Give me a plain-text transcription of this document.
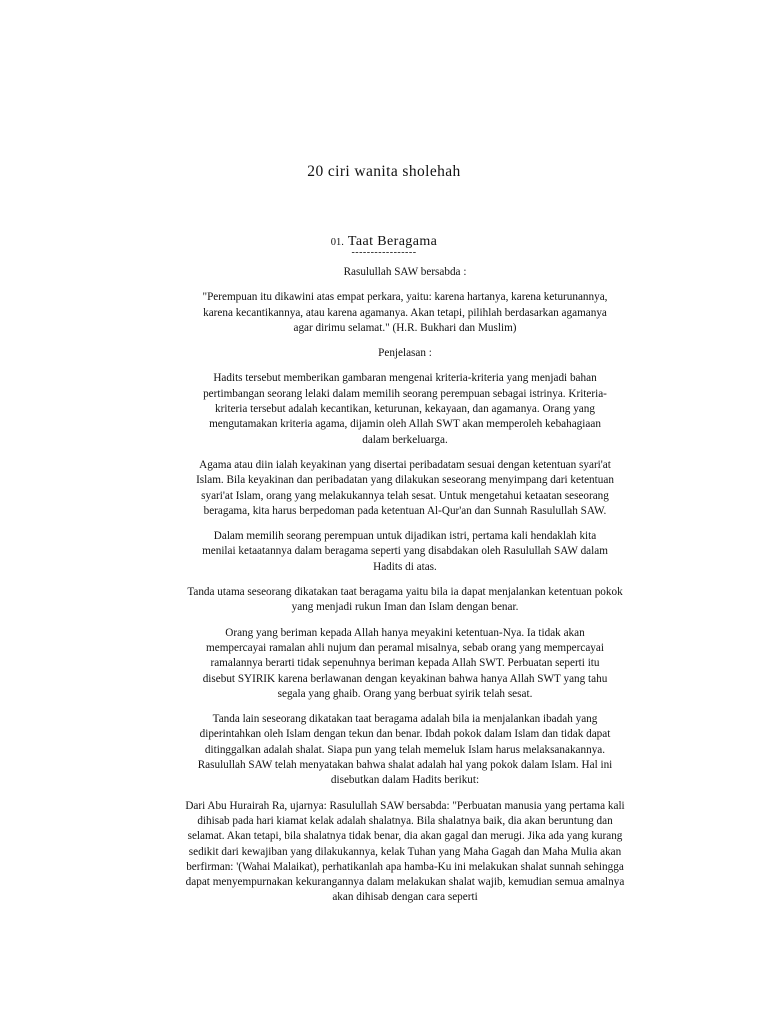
20 ciri wanita sholehah
01. Taat Beragama
-----------------

Rasulullah SAW bersabda :

"Perempuan itu dikawini atas empat perkara, yaitu: karena hartanya, karena keturunannya, karena kecantikannya, atau karena agamanya. Akan tetapi, pilihlah berdasarkan agamanya agar dirimu selamat." (H.R. Bukhari dan Muslim)

Penjelasan :

Hadits tersebut memberikan gambaran mengenai kriteria-kriteria yang menjadi bahan pertimbangan seorang lelaki dalam memilih seorang perempuan sebagai istrinya. Kriteria-kriteria tersebut adalah kecantikan, keturunan, kekayaan, dan agamanya. Orang yang mengutamakan kriteria agama, dijamin oleh Allah SWT akan memperoleh kebahagiaan dalam berkeluarga.

Agama atau diin ialah keyakinan yang disertai peribadatam sesuai dengan ketentuan syari'at Islam. Bila keyakinan dan peribadatan yang dilakukan seseorang menyimpang dari ketentuan syari'at Islam, orang yang melakukannya telah sesat. Untuk mengetahui ketaatan seseorang beragama, kita harus berpedoman pada ketentuan Al-Qur'an dan Sunnah Rasulullah SAW.

Dalam memilih seorang perempuan untuk dijadikan istri, pertama kali hendaklah kita menilai ketaatannya dalam beragama seperti yang disabdakan oleh Rasulullah SAW dalam Hadits di atas.

Tanda utama seseorang dikatakan taat beragama yaitu bila ia dapat menjalankan ketentuan pokok yang menjadi rukun Iman dan Islam dengan benar.

Orang yang beriman kepada Allah hanya meyakini ketentuan-Nya. Ia tidak akan mempercayai ramalan ahli nujum dan peramal misalnya, sebab orang yang mempercayai ramalannya berarti tidak sepenuhnya beriman kepada Allah SWT. Perbuatan seperti itu disebut SYIRIK karena berlawanan dengan keyakinan bahwa hanya Allah SWT yang tahu segala yang ghaib. Orang yang berbuat syirik telah sesat.

Tanda lain seseorang dikatakan taat beragama adalah bila ia menjalankan ibadah yang diperintahkan oleh Islam dengan tekun dan benar. Ibdah pokok dalam Islam dan tidak dapat ditinggalkan adalah shalat. Siapa pun yang telah memeluk Islam harus melaksanakannya. Rasulullah SAW telah menyatakan bahwa shalat adalah hal yang pokok dalam Islam. Hal ini disebutkan dalam Hadits berikut:

Dari Abu Hurairah Ra, ujarnya: Rasulullah SAW bersabda: "Perbuatan manusia yang pertama kali dihisab pada hari kiamat kelak adalah shalatnya. Bila shalatnya baik, dia akan beruntung dan selamat. Akan tetapi, bila shalatnya tidak benar, dia akan gagal dan merugi. Jika ada yang kurang sedikit dari kewajiban yang dilakukannya, kelak Tuhan yang Maha Gagah dan Maha Mulia akan berfirman: '(Wahai Malaikat), perhatikanlah apa hamba-Ku ini melakukan shalat sunnah sehingga dapat menyempurnakan kekurangannya dalam melakukan shalat wajib, kemudian semua amalnya akan dihisab dengan cara seperti
